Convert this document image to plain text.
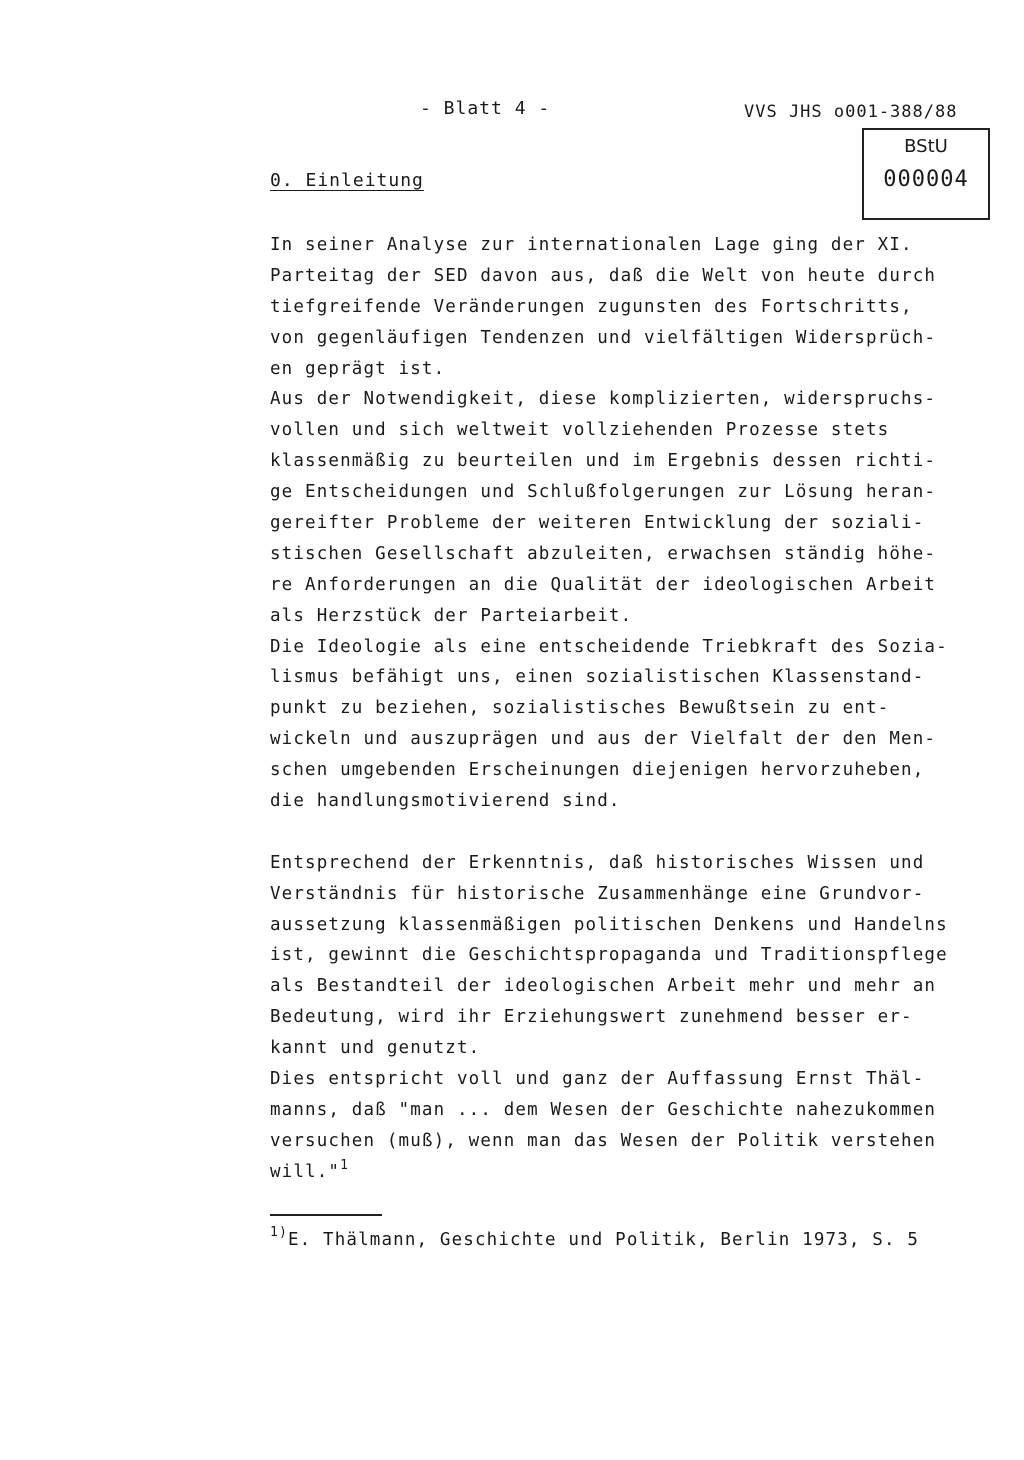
- Blatt 4 -	VVS JHS o001-388/88
BStU
000004
0. Einleitung
In seiner Analyse zur internationalen Lage ging der XI.
Parteitag der SED davon aus, daß die Welt von heute durch
tiefgreifende Veränderungen zugunsten des Fortschritts,
von gegenläufigen Tendenzen und vielfältigen Widersprüch-
en geprägt ist.
Aus der Notwendigkeit, diese komplizierten, widerspruchs-
vollen und sich weltweit vollziehenden Prozesse stets
klassenmäßig zu beurteilen und im Ergebnis dessen richti-
ge Entscheidungen und Schlußfolgerungen zur Lösung heran-
gereifter Probleme der weiteren Entwicklung der soziali-
stischen Gesellschaft abzuleiten, erwachsen ständig höhe-
re Anforderungen an die Qualität der ideologischen Arbeit
als Herzstück der Parteiarbeit.
Die Ideologie als eine entscheidende Triebkraft des Sozia-
lismus befähigt uns, einen sozialistischen Klassenstand-
punkt zu beziehen, sozialistisches Bewußtsein zu ent-
wickeln und auszuprägen und aus der Vielfalt der den Men-
schen umgebenden Erscheinungen diejenigen hervorzuheben,
die handlungsmotivierend sind.
Entsprechend der Erkenntnis, daß historisches Wissen und
Verständnis für historische Zusammenhänge eine Grundvor-
aussetzung klassenmäßigen politischen Denkens und Handelns
ist, gewinnt die Geschichtspropaganda und Traditionspflege
als Bestandteil der ideologischen Arbeit mehr und mehr an
Bedeutung, wird ihr Erziehungswert zunehmend besser er-
kannt und genutzt.
Dies entspricht voll und ganz der Auffassung Ernst Thäl-
manns, daß "man ... dem Wesen der Geschichte nahezukommen
versuchen (muß), wenn man das Wesen der Politik verstehen
will."$^1$
$^{1)}$E. Thälmann, Geschichte und Politik, Berlin 1973, S. 5
